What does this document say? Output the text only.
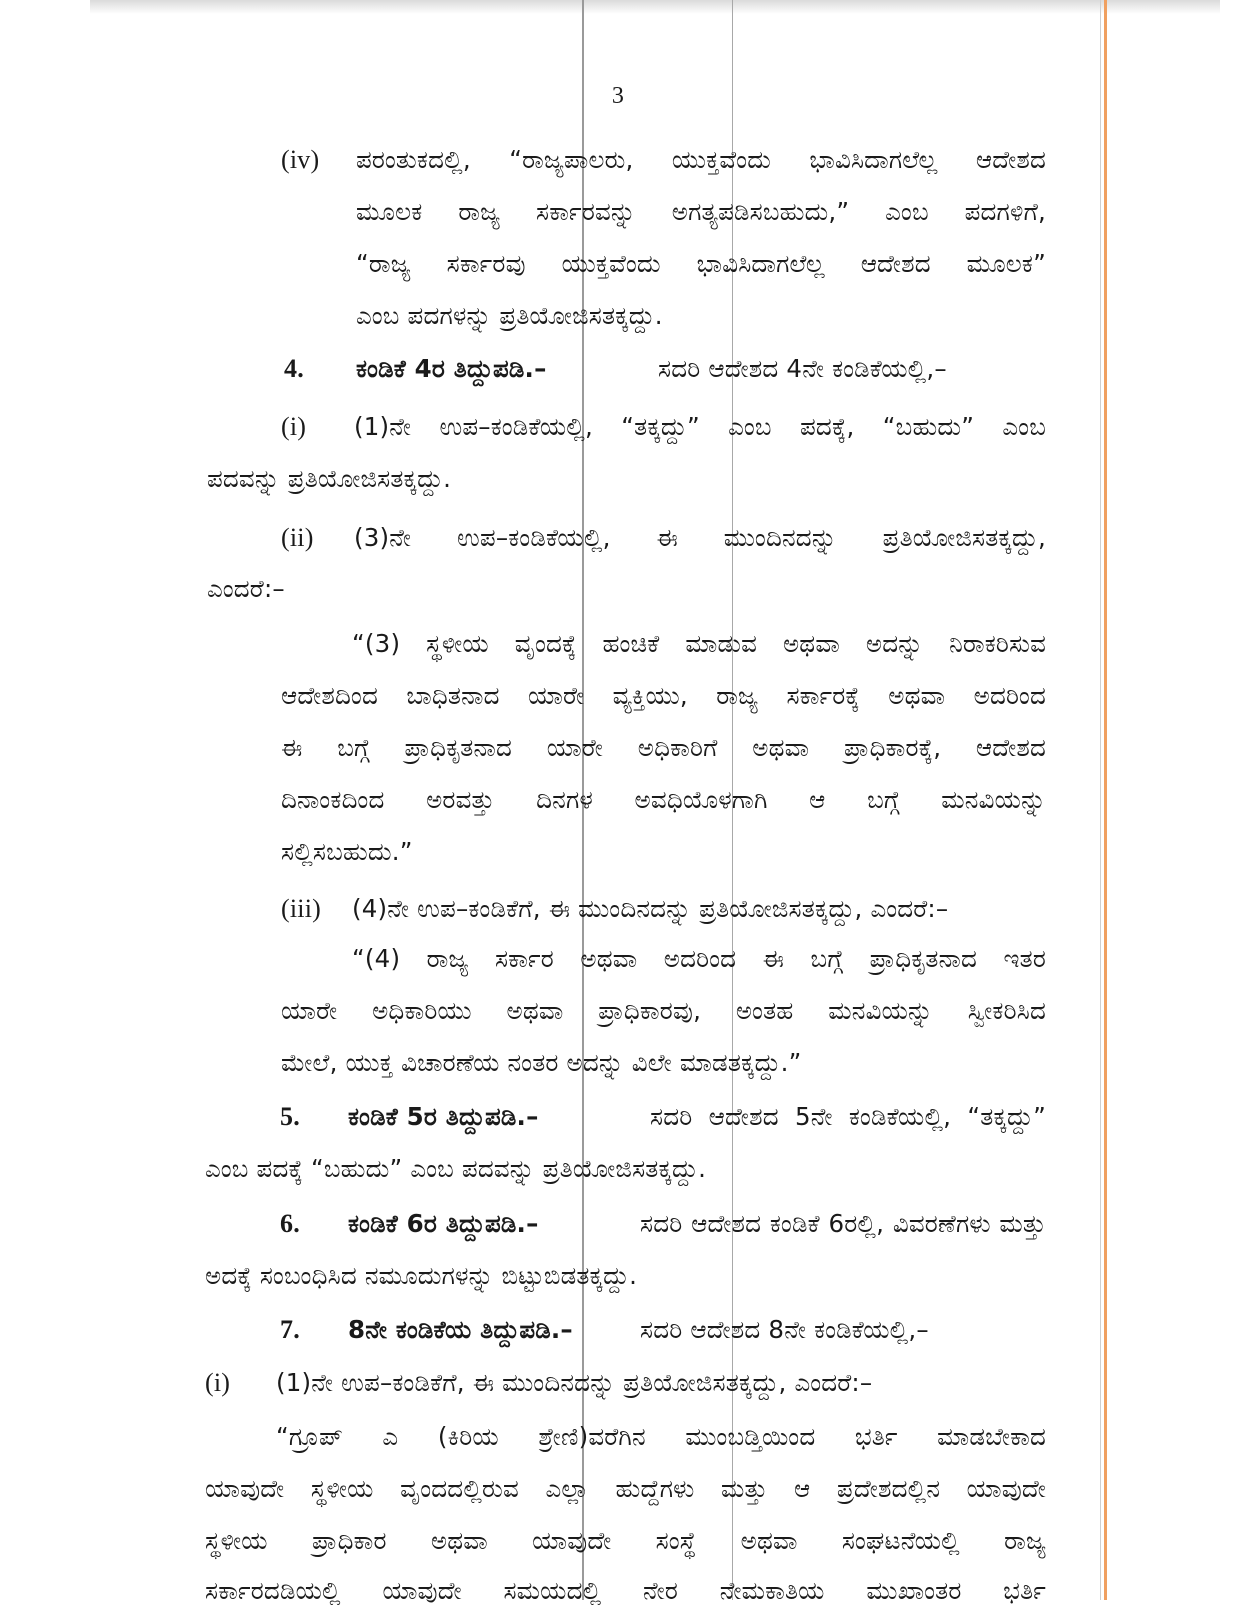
3
(iv) ಪರಂತುಕದಲ್ಲಿ, “ರಾಜ್ಯಪಾಲರು, ಯುಕ್ತವೆಂದು ಭಾವಿಸಿದಾಗಲೆಲ್ಲ ಆದೇಶದ
ಮೂಲಕ ರಾಜ್ಯ ಸರ್ಕಾರವನ್ನು ಅಗತ್ಯಪಡಿಸಬಹುದು,” ಎಂಬ ಪದಗಳಿಗೆ,
“ರಾಜ್ಯ ಸರ್ಕಾರವು ಯುಕ್ತವೆಂದು ಭಾವಿಸಿದಾಗಲೆಲ್ಲ ಆದೇಶದ ಮೂಲಕ”
ಎಂಬ ಪದಗಳನ್ನು ಪ್ರತಿಯೋಜಿಸತಕ್ಕದ್ದು.
4. ಕಂಡಿಕೆ 4ರ ತಿದ್ದುಪಡಿ.–	ಸದರಿ ಆದೇಶದ 4ನೇ ಕಂಡಿಕೆಯಲ್ಲಿ,–
(i) (1)ನೇ ಉಪ–ಕಂಡಿಕೆಯಲ್ಲಿ, “ತಕ್ಕದ್ದು” ಎಂಬ ಪದಕ್ಕೆ, “ಬಹುದು” ಎಂಬ
ಪದವನ್ನು ಪ್ರತಿಯೋಜಿಸತಕ್ಕದ್ದು.
(ii) (3)ನೇ ಉಪ–ಕಂಡಿಕೆಯಲ್ಲಿ, ಈ ಮುಂದಿನದನ್ನು ಪ್ರತಿಯೋಜಿಸತಕ್ಕದ್ದು,
ಎಂದರೆ:–
“(3) ಸ್ಥಳೀಯ ವೃಂದಕ್ಕೆ ಹಂಚಿಕೆ ಮಾಡುವ ಅಥವಾ ಅದನ್ನು ನಿರಾಕರಿಸುವ
ಆದೇಶದಿಂದ ಬಾಧಿತನಾದ ಯಾರೇ ವ್ಯಕ್ತಿಯು, ರಾಜ್ಯ ಸರ್ಕಾರಕ್ಕೆ ಅಥವಾ ಅದರಿಂದ
ಈ ಬಗ್ಗೆ ಪ್ರಾಧಿಕೃತನಾದ ಯಾರೇ ಅಧಿಕಾರಿಗೆ ಅಥವಾ ಪ್ರಾಧಿಕಾರಕ್ಕೆ, ಆದೇಶದ
ದಿನಾಂಕದಿಂದ ಅರವತ್ತು ದಿನಗಳ ಅವಧಿಯೊಳಗಾಗಿ ಆ ಬಗ್ಗೆ ಮನವಿಯನ್ನು
ಸಲ್ಲಿಸಬಹುದು.”
(iii) (4)ನೇ ಉಪ–ಕಂಡಿಕೆಗೆ, ಈ ಮುಂದಿನದನ್ನು ಪ್ರತಿಯೋಜಿಸತಕ್ಕದ್ದು, ಎಂದರೆ:–
“(4) ರಾಜ್ಯ ಸರ್ಕಾರ ಅಥವಾ ಅದರಿಂದ ಈ ಬಗ್ಗೆ ಪ್ರಾಧಿಕೃತನಾದ ಇತರ
ಯಾರೇ ಅಧಿಕಾರಿಯು ಅಥವಾ ಪ್ರಾಧಿಕಾರವು, ಅಂತಹ ಮನವಿಯನ್ನು ಸ್ವೀಕರಿಸಿದ
ಮೇಲೆ, ಯುಕ್ತ ವಿಚಾರಣೆಯ ನಂತರ ಅದನ್ನು ವಿಲೇ ಮಾಡತಕ್ಕದ್ದು.”
5. ಕಂಡಿಕೆ 5ರ ತಿದ್ದುಪಡಿ.–	ಸದರಿ ಆದೇಶದ 5ನೇ ಕಂಡಿಕೆಯಲ್ಲಿ, “ತಕ್ಕದ್ದು”
ಎಂಬ ಪದಕ್ಕೆ “ಬಹುದು” ಎಂಬ ಪದವನ್ನು ಪ್ರತಿಯೋಜಿಸತಕ್ಕದ್ದು.
6. ಕಂಡಿಕೆ 6ರ ತಿದ್ದುಪಡಿ.–	ಸದರಿ ಆದೇಶದ ಕಂಡಿಕೆ 6ರಲ್ಲಿ, ವಿವರಣೆಗಳು ಮತ್ತು
ಅದಕ್ಕೆ ಸಂಬಂಧಿಸಿದ ನಮೂದುಗಳನ್ನು ಬಿಟ್ಟುಬಿಡತಕ್ಕದ್ದು.
7. 8ನೇ ಕಂಡಿಕೆಯ ತಿದ್ದುಪಡಿ.–	ಸದರಿ ಆದೇಶದ 8ನೇ ಕಂಡಿಕೆಯಲ್ಲಿ,–
(i) (1)ನೇ ಉಪ–ಕಂಡಿಕೆಗೆ, ಈ ಮುಂದಿನದನ್ನು ಪ್ರತಿಯೋಜಿಸತಕ್ಕದ್ದು, ಎಂದರೆ:–
“ಗ್ರೂಪ್ ಎ (ಕಿರಿಯ ಶ್ರೇಣಿ)ವರೆಗಿನ ಮುಂಬಡ್ತಿಯಿಂದ ಭರ್ತಿ ಮಾಡಬೇಕಾದ
ಯಾವುದೇ ಸ್ಥಳೀಯ ವೃಂದದಲ್ಲಿರುವ ಎಲ್ಲಾ ಹುದ್ದೆಗಳು ಮತ್ತು ಆ ಪ್ರದೇಶದಲ್ಲಿನ ಯಾವುದೇ
ಸ್ಥಳೀಯ ಪ್ರಾಧಿಕಾರ ಅಥವಾ ಯಾವುದೇ ಸಂಸ್ಥೆ ಅಥವಾ ಸಂಘಟನೆಯಲ್ಲಿ ರಾಜ್ಯ
ಸರ್ಕಾರದಡಿಯಲ್ಲಿ ಯಾವುದೇ ಸಮಯದಲ್ಲಿ ನೇರ ನೇಮಕಾತಿಯ ಮುಖಾಂತರ ಭರ್ತಿ
